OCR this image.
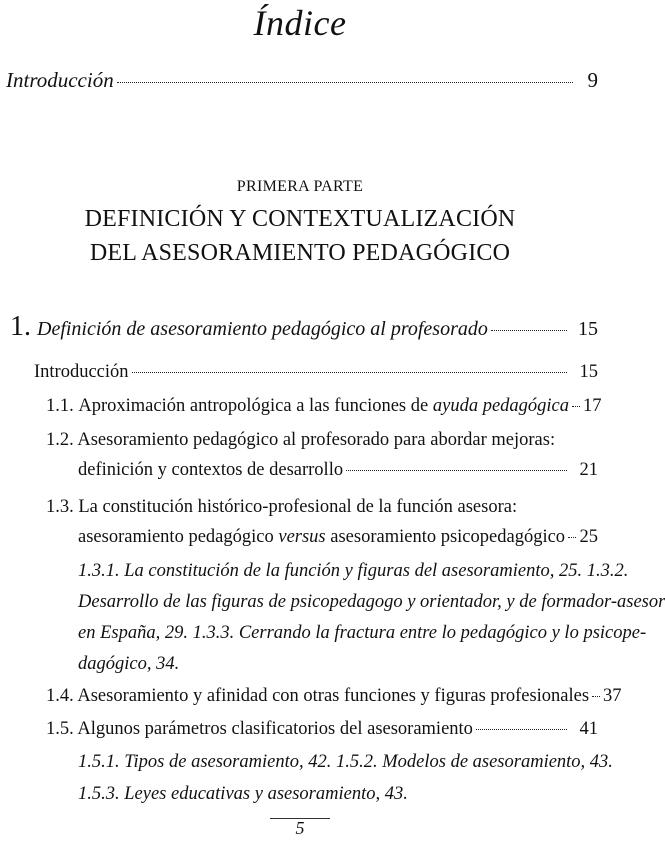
Índice
Introducción	9
PRIMERA PARTE
DEFINICIÓN Y CONTEXTUALIZACIÓN
DEL ASESORAMIENTO PEDAGÓGICO
1. Definición de asesoramiento pedagógico al profesorado	15
Introducción	15
1.1. Aproximación antropológica a las funciones de ayuda pedagógica 17
1.2. Asesoramiento pedagógico al profesorado para abordar mejoras:
definición y contextos de desarrollo	21
1.3. La constitución histórico-profesional de la función asesora:
asesoramiento pedagógico versus asesoramiento psicopedagógico 25
1.3.1. La constitución de la función y figuras del asesoramiento, 25. 1.3.2.
Desarrollo de las figuras de psicopedagogo y orientador, y de formador-asesor
en España, 29. 1.3.3. Cerrando la fractura entre lo pedagógico y lo psicope-
dagógico, 34.
1.4. Asesoramiento y afinidad con otras funciones y figuras profesionales 37
1.5. Algunos parámetros clasificatorios del asesoramiento	41
1.5.1. Tipos de asesoramiento, 42. 1.5.2. Modelos de asesoramiento, 43.
1.5.3. Leyes educativas y asesoramiento, 43.
5
